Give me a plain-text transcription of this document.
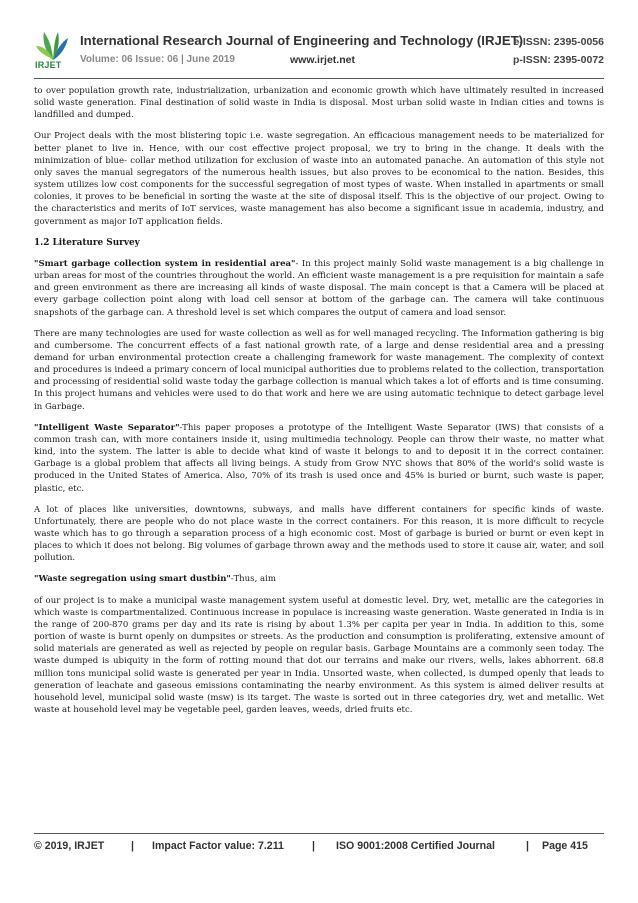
IRJET
International Research Journal of Engineering and Technology (IRJET)
e-ISSN: 2395-0056
Volume: 06 Issue: 06 | June 2019	www.irjet.net	p-ISSN: 2395-0072

to over population growth rate, industrialization, urbanization and economic growth which have ultimately resulted in increased solid waste generation. Final destination of solid waste in India is disposal. Most urban solid waste in Indian cities and towns is landfilled and dumped.

Our Project deals with the most blistering topic i.e. waste segregation. An efficacious management needs to be materialized for better planet to live in. Hence, with our cost effective project proposal, we try to bring in the change. It deals with the minimization of blue- collar method utilization for exclusion of waste into an automated panache. An automation of this style not only saves the manual segregators of the numerous health issues, but also proves to be economical to the nation. Besides, this system utilizes low cost components for the successful segregation of most types of waste. When installed in apartments or small colonies, it proves to be beneficial in sorting the waste at the site of disposal itself. This is the objective of our project. Owing to the characteristics and merits of IoT services, waste management has also become a significant issue in academia, industry, and government as major IoT application fields.

1.2 Literature Survey

"Smart garbage collection system in residential area"- In this project mainly Solid waste management is a big challenge in urban areas for most of the countries throughout the world. An efficient waste management is a pre requisition for maintain a safe and green environment as there are increasing all kinds of waste disposal. The main concept is that a Camera will be placed at every garbage collection point along with load cell sensor at bottom of the garbage can. The camera will take continuous snapshots of the garbage can. A threshold level is set which compares the output of camera and load sensor.

There are many technologies are used for waste collection as well as for well managed recycling. The Information gathering is big and cumbersome. The concurrent effects of a fast national growth rate, of a large and dense residential area and a pressing demand for urban environmental protection create a challenging framework for waste management. The complexity of context and procedures is indeed a primary concern of local municipal authorities due to problems related to the collection, transportation and processing of residential solid waste today the garbage collection is manual which takes a lot of efforts and is time consuming. In this project humans and vehicles were used to do that work and here we are using automatic technique to detect garbage level in Garbage.

"Intelligent Waste Separator"-This paper proposes a prototype of the Intelligent Waste Separator (IWS) that consists of a common trash can, with more containers inside it, using multimedia technology. People can throw their waste, no matter what kind, into the system. The latter is able to decide what kind of waste it belongs to and to deposit it in the correct container. Garbage is a global problem that affects all living beings. A study from Grow NYC shows that 80% of the world's solid waste is produced in the United States of America. Also, 70% of its trash is used once and 45% is buried or burnt, such waste is paper, plastic, etc.

A lot of places like universities, downtowns, subways, and malls have different containers for specific kinds of waste. Unfortunately, there are people who do not place waste in the correct containers. For this reason, it is more difficult to recycle waste which has to go through a separation process of a high economic cost. Most of garbage is buried or burnt or even kept in places to which it does not belong. Big volumes of garbage thrown away and the methods used to store it cause air, water, and soil pollution.

"Waste segregation using smart dustbin"-Thus, aim

of our project is to make a municipal waste management system useful at domestic level. Dry, wet, metallic are the categories in which waste is compartmentalized. Continuous increase in populace is increasing waste generation. Waste generated in India is in the range of 200-870 grams per day and its rate is rising by about 1.3% per capita per year in India. In addition to this, some portion of waste is burnt openly on dumpsites or streets. As the production and consumption is proliferating, extensive amount of solid materials are generated as well as rejected by people on regular basis. Garbage Mountains are a commonly seen today. The waste dumped is ubiquity in the form of rotting mound that dot our terrains and make our rivers, wells, lakes abhorrent. 68.8 million tons municipal solid waste is generated per year in India. Unsorted waste, when collected, is dumped openly that leads to generation of leachate and gaseous emissions contaminating the nearby environment. As this system is aimed deliver results at household level, municipal solid waste (msw) is its target. The waste is sorted out in three categories dry, wet and metallic. Wet waste at household level may be vegetable peel, garden leaves, weeds, dried fruits etc.

© 2019, IRJET	| Impact Factor value: 7.211	| ISO 9001:2008 Certified Journal	| Page 415
